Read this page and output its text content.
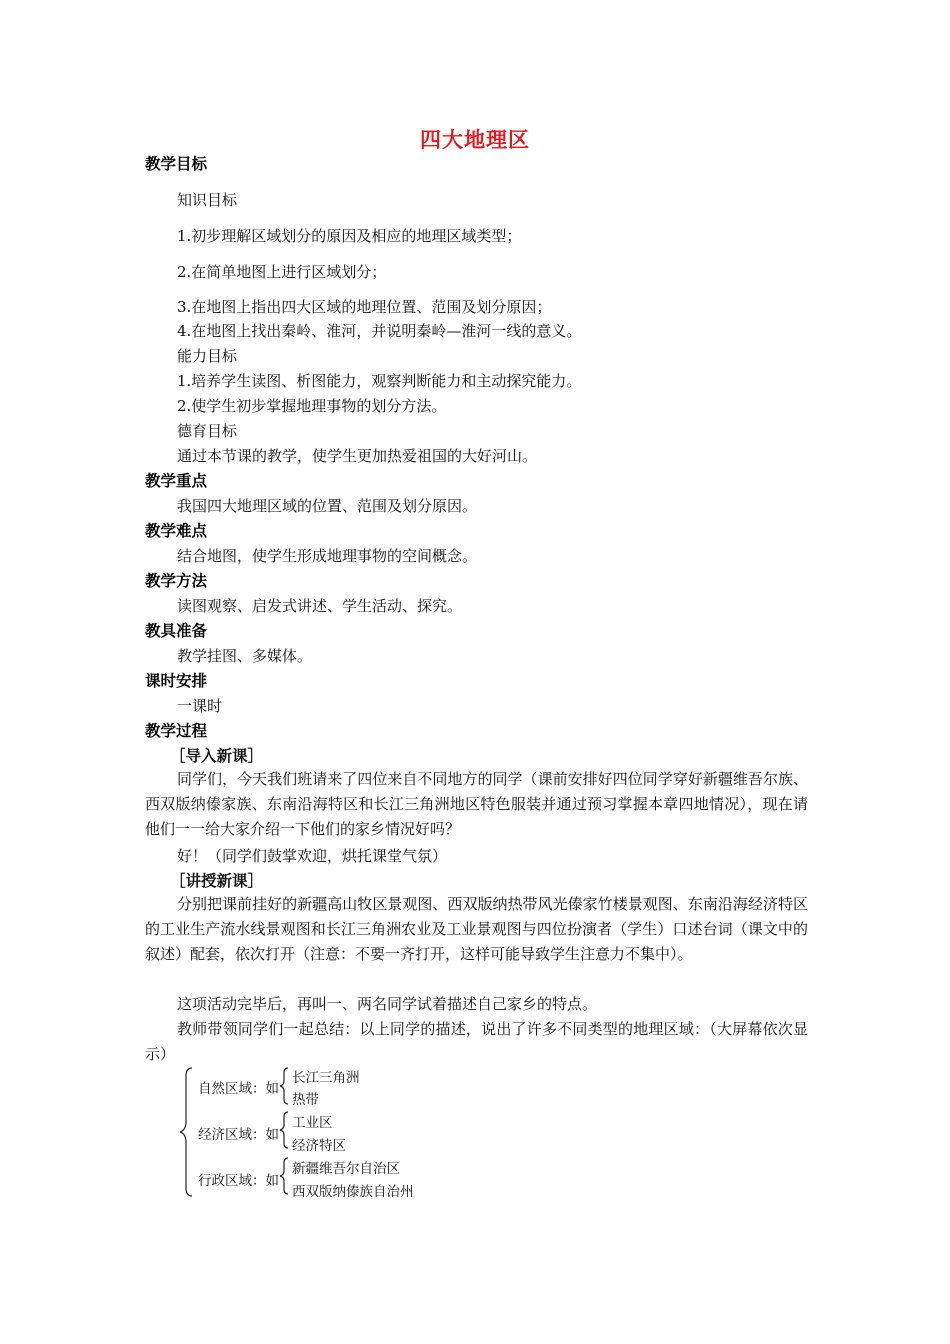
四大地理区
教学目标
知识目标
1.初步理解区域划分的原因及相应的地理区域类型；
2.在简单地图上进行区域划分；
3.在地图上指出四大区域的地理位置、范围及划分原因；
4.在地图上找出秦岭、淮河，并说明秦岭—淮河一线的意义。
能力目标
1.培养学生读图、析图能力，观察判断能力和主动探究能力。
2.使学生初步掌握地理事物的划分方法。
德育目标
通过本节课的教学，使学生更加热爱祖国的大好河山。
教学重点
我国四大地理区域的位置、范围及划分原因。
教学难点
结合地图，使学生形成地理事物的空间概念。
教学方法
读图观察、启发式讲述、学生活动、探究。
教具准备
教学挂图、多媒体。
课时安排
一课时
教学过程
［导入新课］
同学们，今天我们班请来了四位来自不同地方的同学（课前安排好四位同学穿好新疆维吾尔族、西双版纳傣家族、东南沿海特区和长江三角洲地区特色服装并通过预习掌握本章四地情况），现在请他们一一给大家介绍一下他们的家乡情况好吗？
好！（同学们鼓掌欢迎，烘托课堂气氛）
［讲授新课］
分别把课前挂好的新疆高山牧区景观图、西双版纳热带风光傣家竹楼景观图、东南沿海经济特区的工业生产流水线景观图和长江三角洲农业及工业景观图与四位扮演者（学生）口述台词（课文中的叙述）配套，依次打开（注意：不要一齐打开，这样可能导致学生注意力不集中）。
这项活动完毕后，再叫一、两名同学试着描述自己家乡的特点。
教师带领同学们一起总结：以上同学的描述，说出了许多不同类型的地理区域：（大屏幕依次显示）
自然区域：如
长江三角洲
热带
经济区域：如
工业区
经济特区
行政区域：如
新疆维吾尔自治区
西双版纳傣族自治州
